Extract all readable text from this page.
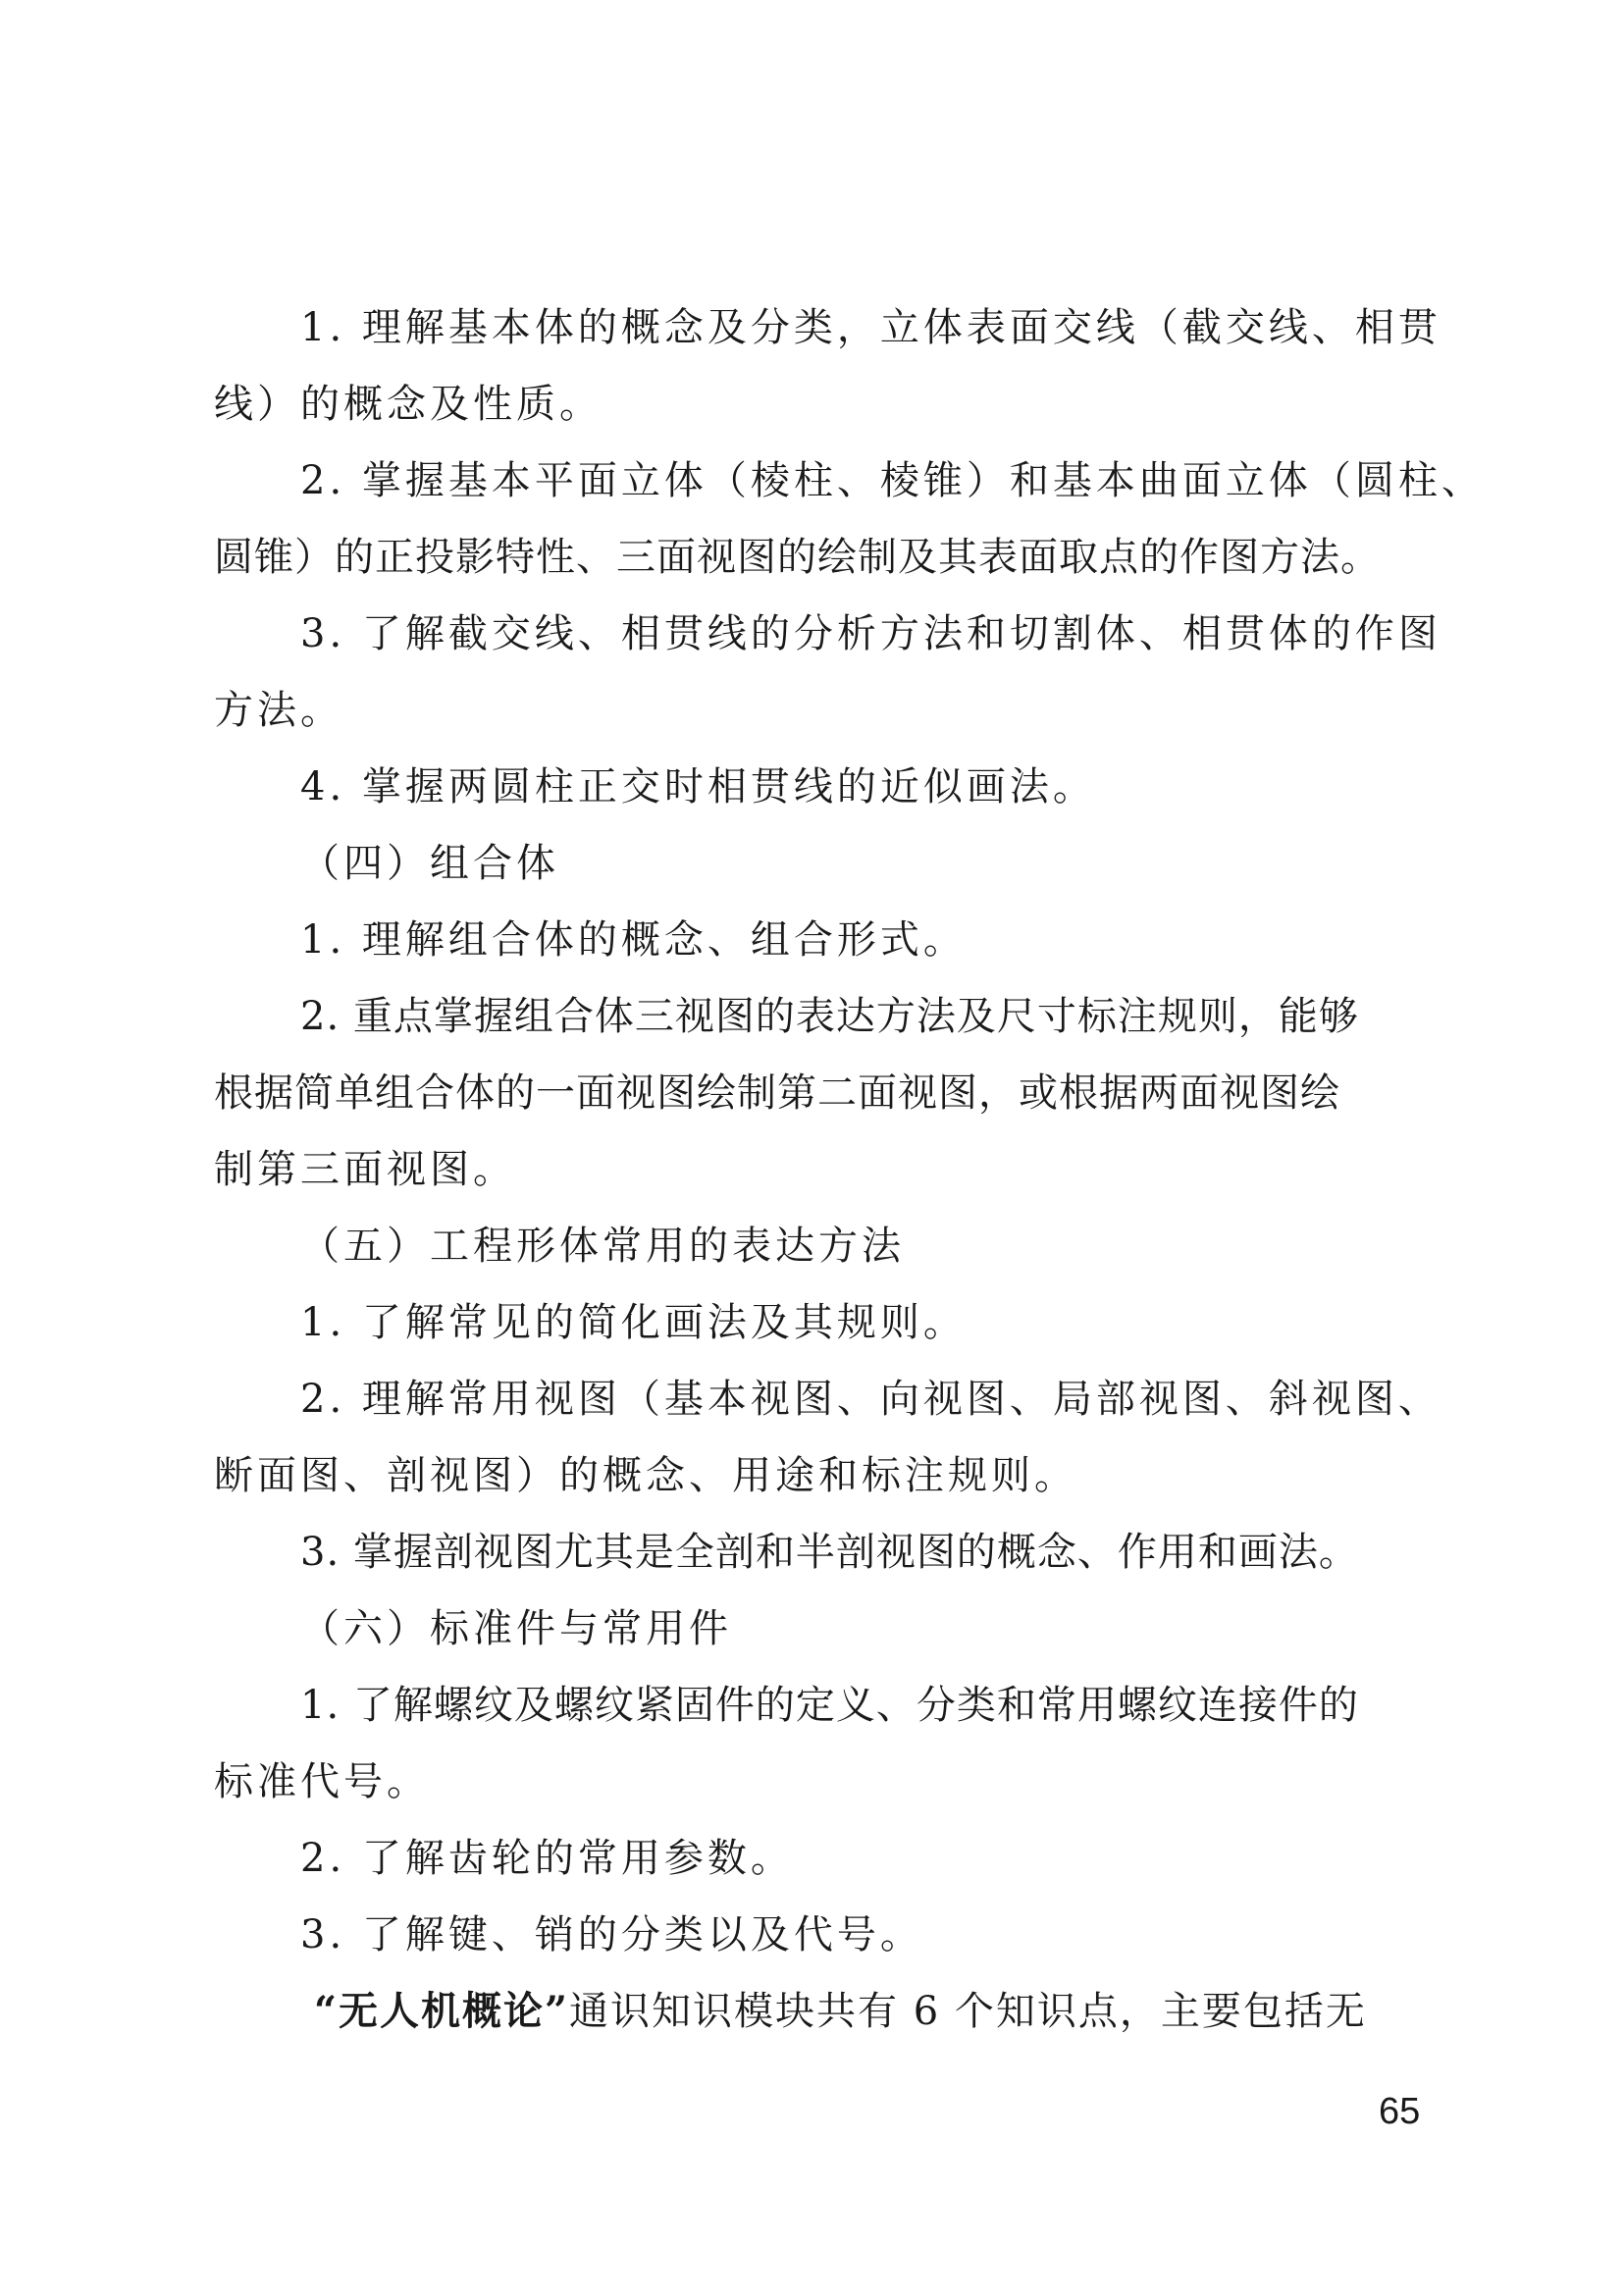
1. 理解基本体的概念及分类，立体表面交线（截交线、相贯
线）的概念及性质。
2. 掌握基本平面立体（棱柱、棱锥）和基本曲面立体（圆柱、
圆锥）的正投影特性、三面视图的绘制及其表面取点的作图方法。
3. 了解截交线、相贯线的分析方法和切割体、相贯体的作图
方法。
4. 掌握两圆柱正交时相贯线的近似画法。
（四）组合体
1. 理解组合体的概念、组合形式。
2. 重点掌握组合体三视图的表达方法及尺寸标注规则，能够
根据简单组合体的一面视图绘制第二面视图，或根据两面视图绘
制第三面视图。
（五）工程形体常用的表达方法
1. 了解常见的简化画法及其规则。
2. 理解常用视图（基本视图、向视图、局部视图、斜视图、
断面图、剖视图）的概念、用途和标注规则。
3. 掌握剖视图尤其是全剖和半剖视图的概念、作用和画法。
（六）标准件与常用件
1. 了解螺纹及螺纹紧固件的定义、分类和常用螺纹连接件的
标准代号。
2. 了解齿轮的常用参数。
3. 了解键、销的分类以及代号。
“无人机概论”通识知识模块共有 6 个知识点，主要包括无
65
